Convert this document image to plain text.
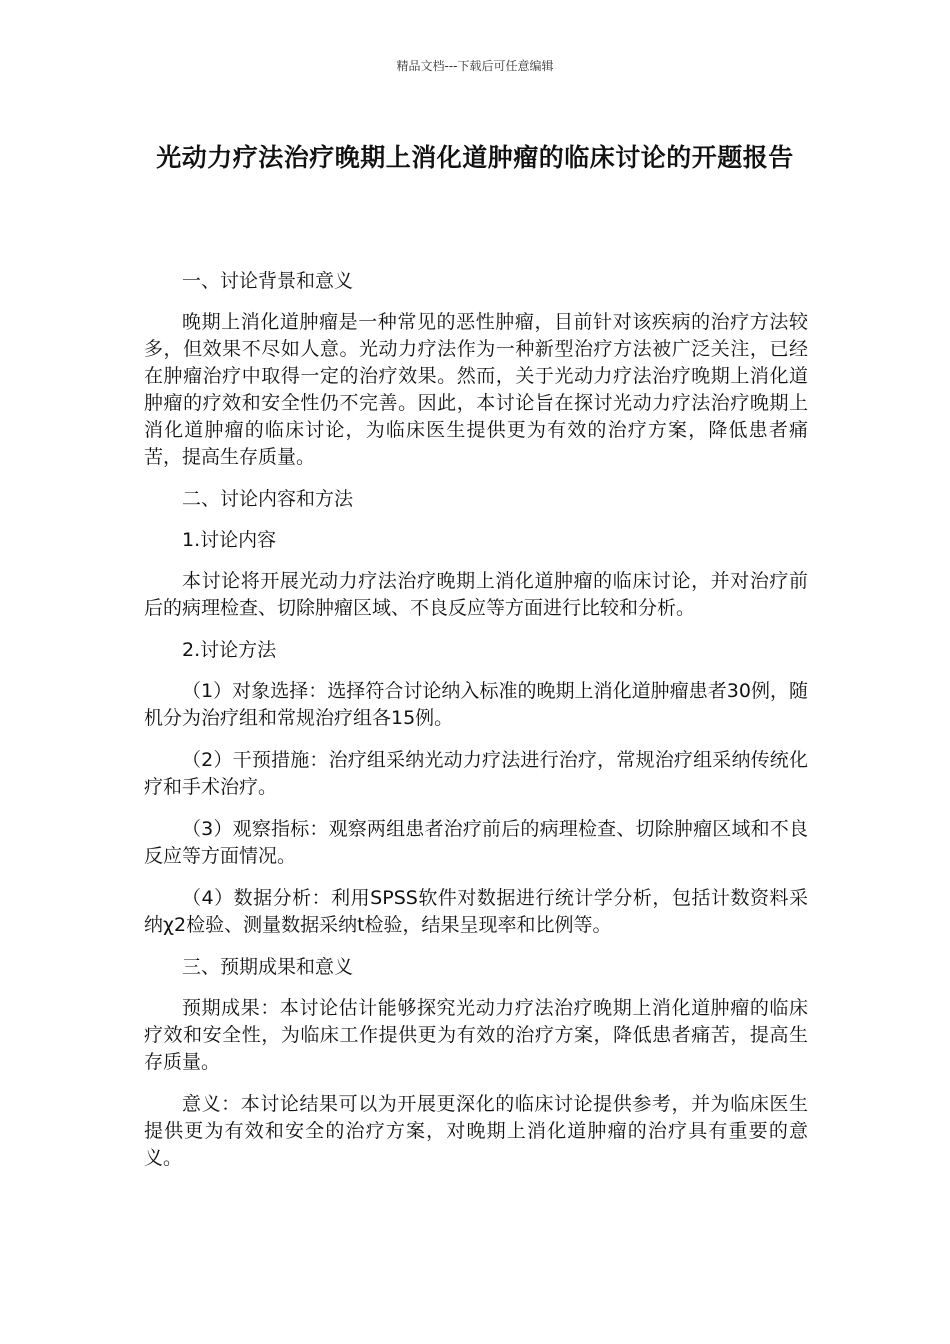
精品文档---下载后可任意编辑
光动力疗法治疗晚期上消化道肿瘤的临床讨论的开题报告

一、讨论背景和意义

晚期上消化道肿瘤是一种常见的恶性肿瘤，目前针对该疾病的治疗方法较多，但效果不尽如人意。光动力疗法作为一种新型治疗方法被广泛关注，已经在肿瘤治疗中取得一定的治疗效果。然而，关于光动力疗法治疗晚期上消化道肿瘤的疗效和安全性仍不完善。因此，本讨论旨在探讨光动力疗法治疗晚期上消化道肿瘤的临床讨论，为临床医生提供更为有效的治疗方案，降低患者痛苦，提高生存质量。

二、讨论内容和方法

1.讨论内容

本讨论将开展光动力疗法治疗晚期上消化道肿瘤的临床讨论，并对治疗前后的病理检查、切除肿瘤区域、不良反应等方面进行比较和分析。

2.讨论方法

（1）对象选择：选择符合讨论纳入标准的晚期上消化道肿瘤患者30例，随机分为治疗组和常规治疗组各15例。

（2）干预措施：治疗组采纳光动力疗法进行治疗，常规治疗组采纳传统化疗和手术治疗。

（3）观察指标：观察两组患者治疗前后的病理检查、切除肿瘤区域和不良反应等方面情况。

（4）数据分析：利用SPSS软件对数据进行统计学分析，包括计数资料采纳χ2检验、测量数据采纳t检验，结果呈现率和比例等。

三、预期成果和意义

预期成果：本讨论估计能够探究光动力疗法治疗晚期上消化道肿瘤的临床疗效和安全性，为临床工作提供更为有效的治疗方案，降低患者痛苦，提高生存质量。

意义：本讨论结果可以为开展更深化的临床讨论提供参考，并为临床医生提供更为有效和安全的治疗方案，对晚期上消化道肿瘤的治疗具有重要的意义。
